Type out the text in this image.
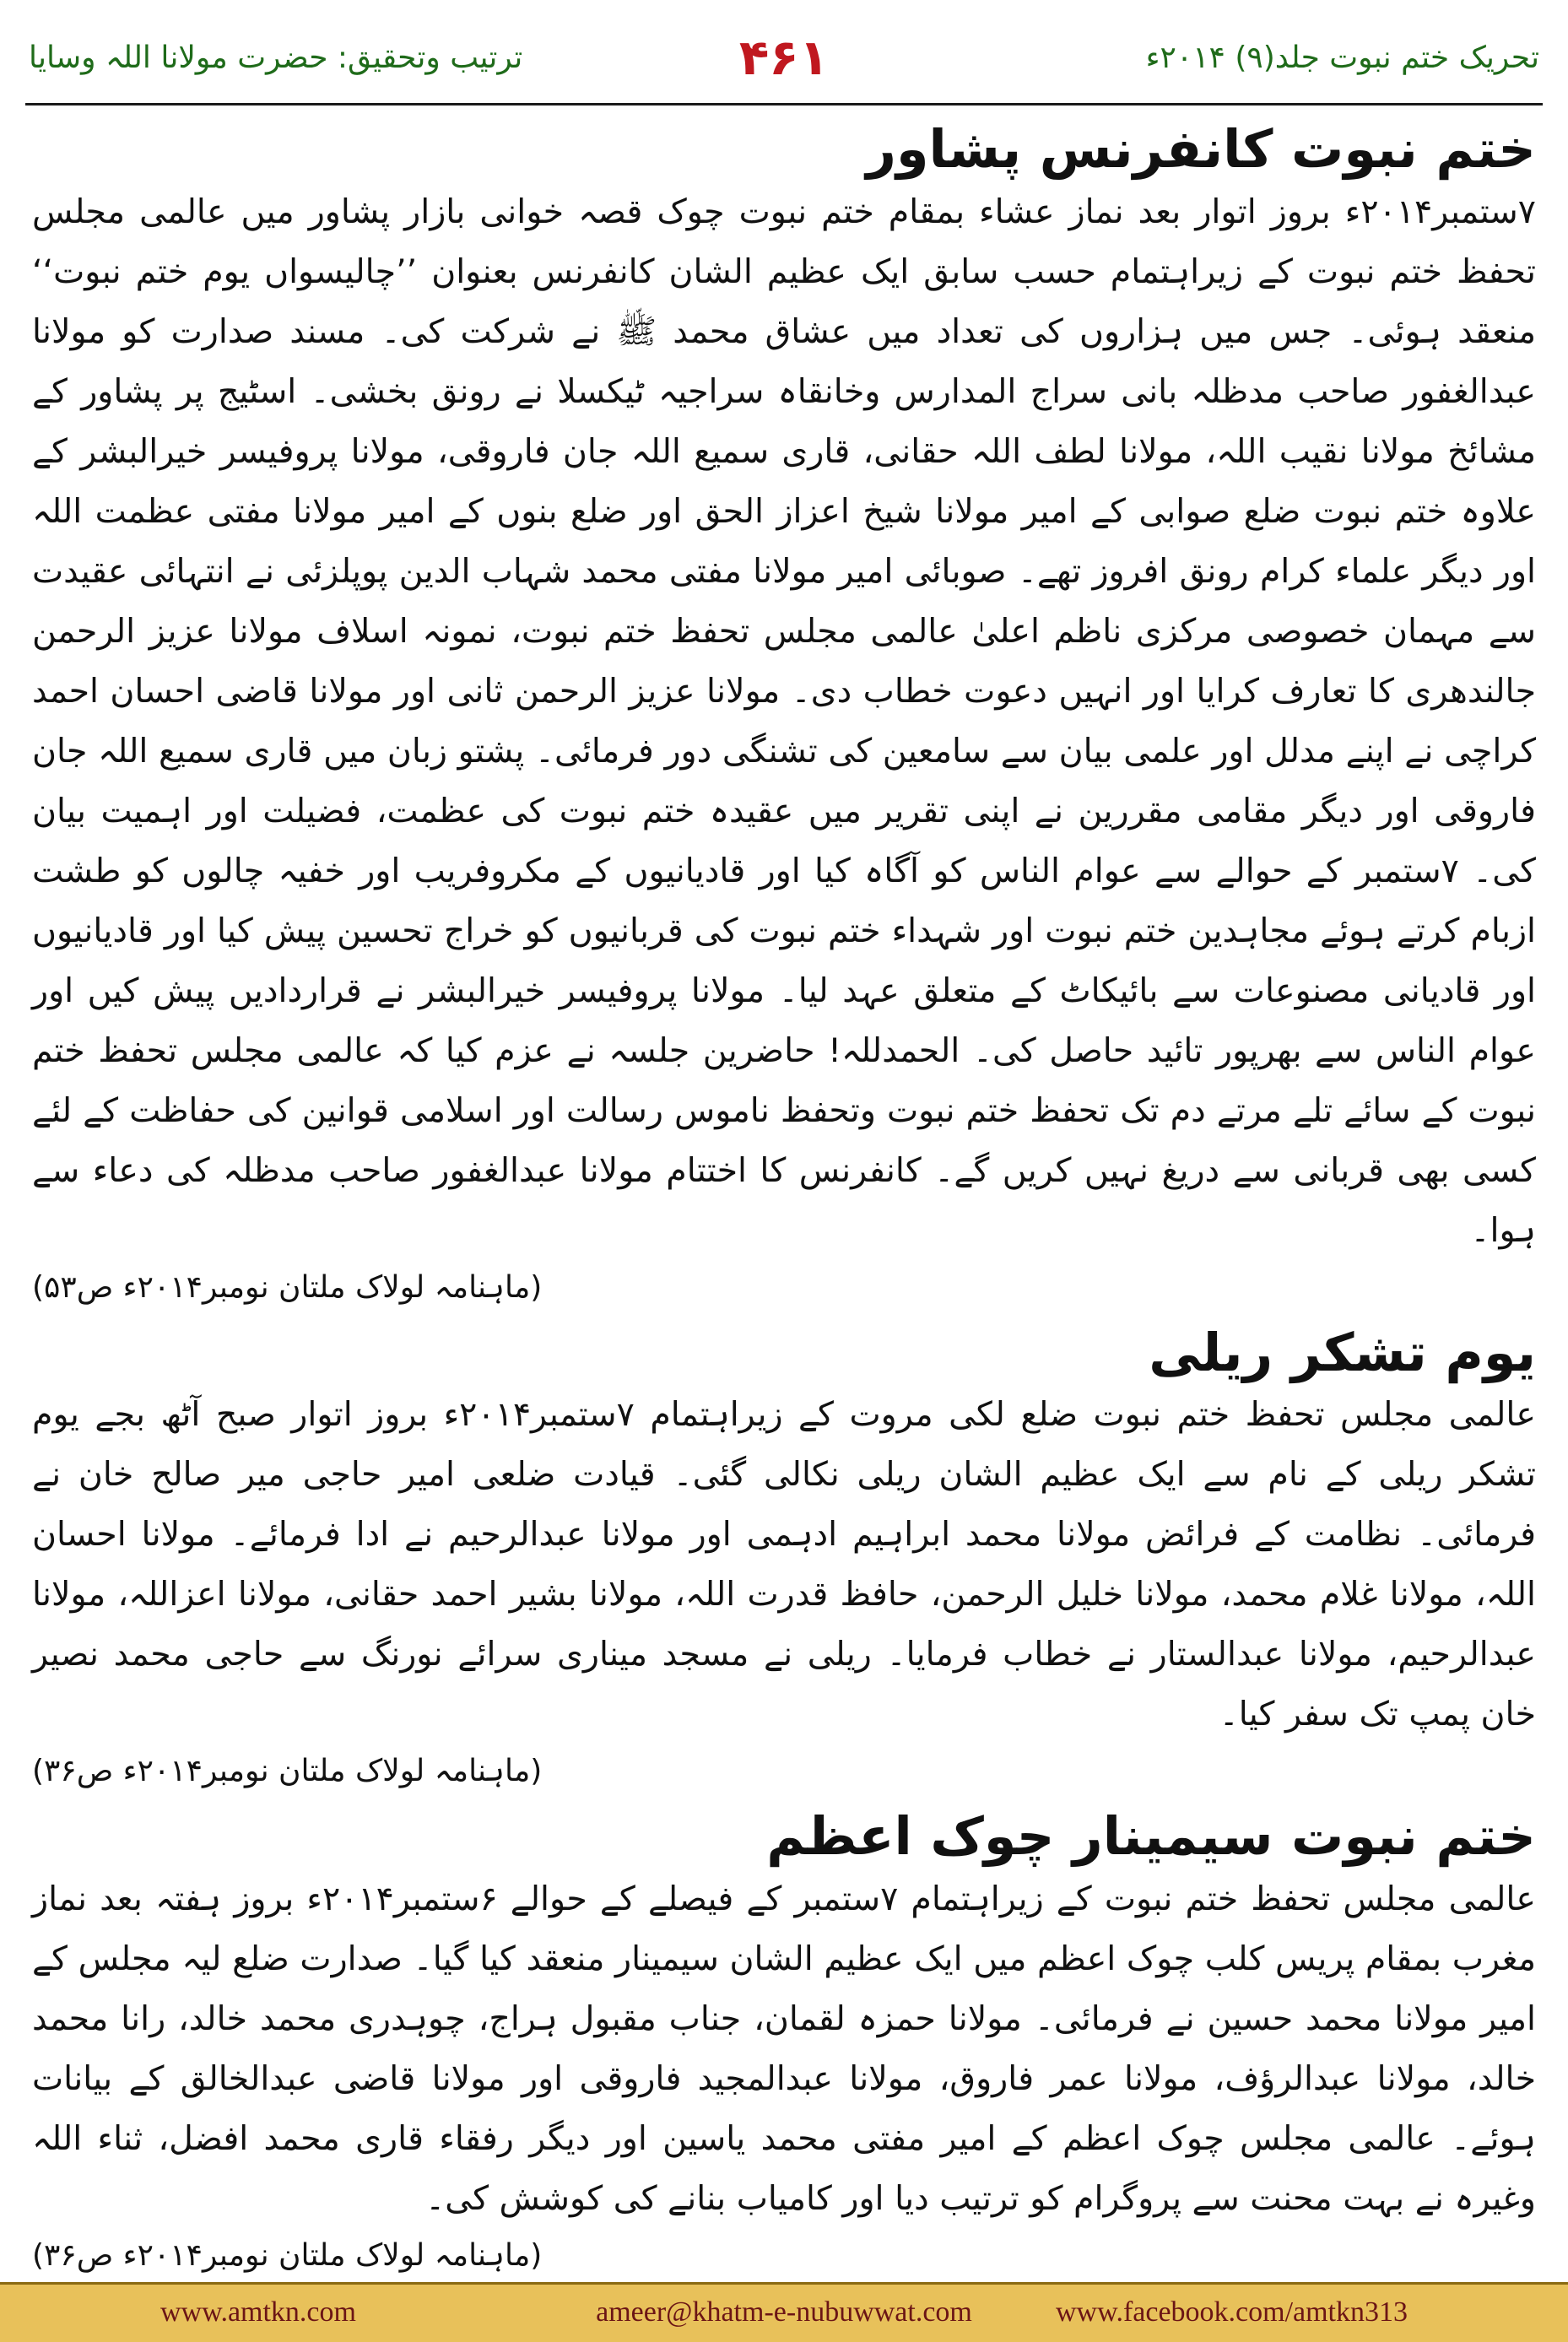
ترتیب وتحقیق: حضرت مولانا اللہ وسایا	۴۶۱	تحریک ختم نبوت جلد(۹) ۲۰۱۴ء
ختم نبوت کانفرنس پشاور

۷ستمبر۲۰۱۴ء بروز اتوار بعد نماز عشاء بمقام ختم نبوت چوک قصہ خوانی بازار پشاور میں عالمی مجلس تحفظ ختم نبوت کے زیراہتمام حسب سابق ایک عظیم الشان کانفرنس بعنوان ’’چالیسواں یوم ختم نبوت‘‘ منعقد ہوئی۔ جس میں ہزاروں کی تعداد میں عشاق محمد ﷺ نے شرکت کی۔ مسند صدارت کو مولانا عبدالغفور صاحب مدظلہ بانی سراج المدارس وخانقاہ سراجیہ ٹیکسلا نے رونق بخشی۔ اسٹیج پر پشاور کے مشائخ مولانا نقیب اللہ، مولانا لطف اللہ حقانی، قاری سمیع اللہ جان فاروقی، مولانا پروفیسر خیرالبشر کے علاوہ ختم نبوت ضلع صوابی کے امیر مولانا شیخ اعزاز الحق اور ضلع بنوں کے امیر مولانا مفتی عظمت اللہ اور دیگر علماء کرام رونق افروز تھے۔ صوبائی امیر مولانا مفتی محمد شہاب الدین پوپلزئی نے انتہائی عقیدت سے مہمان خصوصی مرکزی ناظم اعلیٰ عالمی مجلس تحفظ ختم نبوت، نمونہ اسلاف مولانا عزیز الرحمن جالندھری کا تعارف کرایا اور انہیں دعوت خطاب دی۔ مولانا عزیز الرحمن ثانی اور مولانا قاضی احسان احمد کراچی نے اپنے مدلل اور علمی بیان سے سامعین کی تشنگی دور فرمائی۔ پشتو زبان میں قاری سمیع اللہ جان فاروقی اور دیگر مقامی مقررین نے اپنی تقریر میں عقیدہ ختم نبوت کی عظمت، فضیلت اور اہمیت بیان کی۔ ۷ستمبر کے حوالے سے عوام الناس کو آگاہ کیا اور قادیانیوں کے مکروفریب اور خفیہ چالوں کو طشت ازبام کرتے ہوئے مجاہدین ختم نبوت اور شہداء ختم نبوت کی قربانیوں کو خراج تحسین پیش کیا اور قادیانیوں اور قادیانی مصنوعات سے بائیکاٹ کے متعلق عہد لیا۔ مولانا پروفیسر خیرالبشر نے قراردادیں پیش کیں اور عوام الناس سے بھرپور تائید حاصل کی۔ الحمدللہ! حاضرین جلسہ نے عزم کیا کہ عالمی مجلس تحفظ ختم نبوت کے سائے تلے مرتے دم تک تحفظ ختم نبوت وتحفظ ناموس رسالت اور اسلامی قوانین کی حفاظت کے لئے کسی بھی قربانی سے دریغ نہیں کریں گے۔ کانفرنس کا اختتام مولانا عبدالغفور صاحب مدظلہ کی دعاء سے ہوا۔

(ماہنامہ لولاک ملتان نومبر۲۰۱۴ء ص۵۳)
یوم تشکر ریلی

عالمی مجلس تحفظ ختم نبوت ضلع لکی مروت کے زیراہتمام ۷ستمبر۲۰۱۴ء بروز اتوار صبح آٹھ بجے یوم تشکر ریلی کے نام سے ایک عظیم الشان ریلی نکالی گئی۔ قیادت ضلعی امیر حاجی میر صالح خان نے فرمائی۔ نظامت کے فرائض مولانا محمد ابراہیم ادہمی اور مولانا عبدالرحیم نے ادا فرمائے۔ مولانا احسان اللہ، مولانا غلام محمد، مولانا خلیل الرحمن، حافظ قدرت اللہ، مولانا بشیر احمد حقانی، مولانا اعزاللہ، مولانا عبدالرحیم، مولانا عبدالستار نے خطاب فرمایا۔ ریلی نے مسجد میناری سرائے نورنگ سے حاجی محمد نصیر خان پمپ تک سفر کیا۔

(ماہنامہ لولاک ملتان نومبر۲۰۱۴ء ص۳۶)
ختم نبوت سیمینار چوک اعظم

عالمی مجلس تحفظ ختم نبوت کے زیراہتمام ۷ستمبر کے فیصلے کے حوالے ۶ستمبر۲۰۱۴ء بروز ہفتہ بعد نماز مغرب بمقام پریس کلب چوک اعظم میں ایک عظیم الشان سیمینار منعقد کیا گیا۔ صدارت ضلع لیہ مجلس کے امیر مولانا محمد حسین نے فرمائی۔ مولانا حمزہ لقمان، جناب مقبول ہراج، چوہدری محمد خالد، رانا محمد خالد، مولانا عبدالرؤف، مولانا عمر فاروق، مولانا عبدالمجید فاروقی اور مولانا قاضی عبدالخالق کے بیانات ہوئے۔ عالمی مجلس چوک اعظم کے امیر مفتی محمد یاسین اور دیگر رفقاء قاری محمد افضل، ثناء اللہ وغیرہ نے بہت محنت سے پروگرام کو ترتیب دیا اور کامیاب بنانے کی کوشش کی۔

(ماہنامہ لولاک ملتان نومبر۲۰۱۴ء ص۳۶)
www.amtkn.com	ameer@khatm-e-nubuwwat.com	www.facebook.com/amtkn313
